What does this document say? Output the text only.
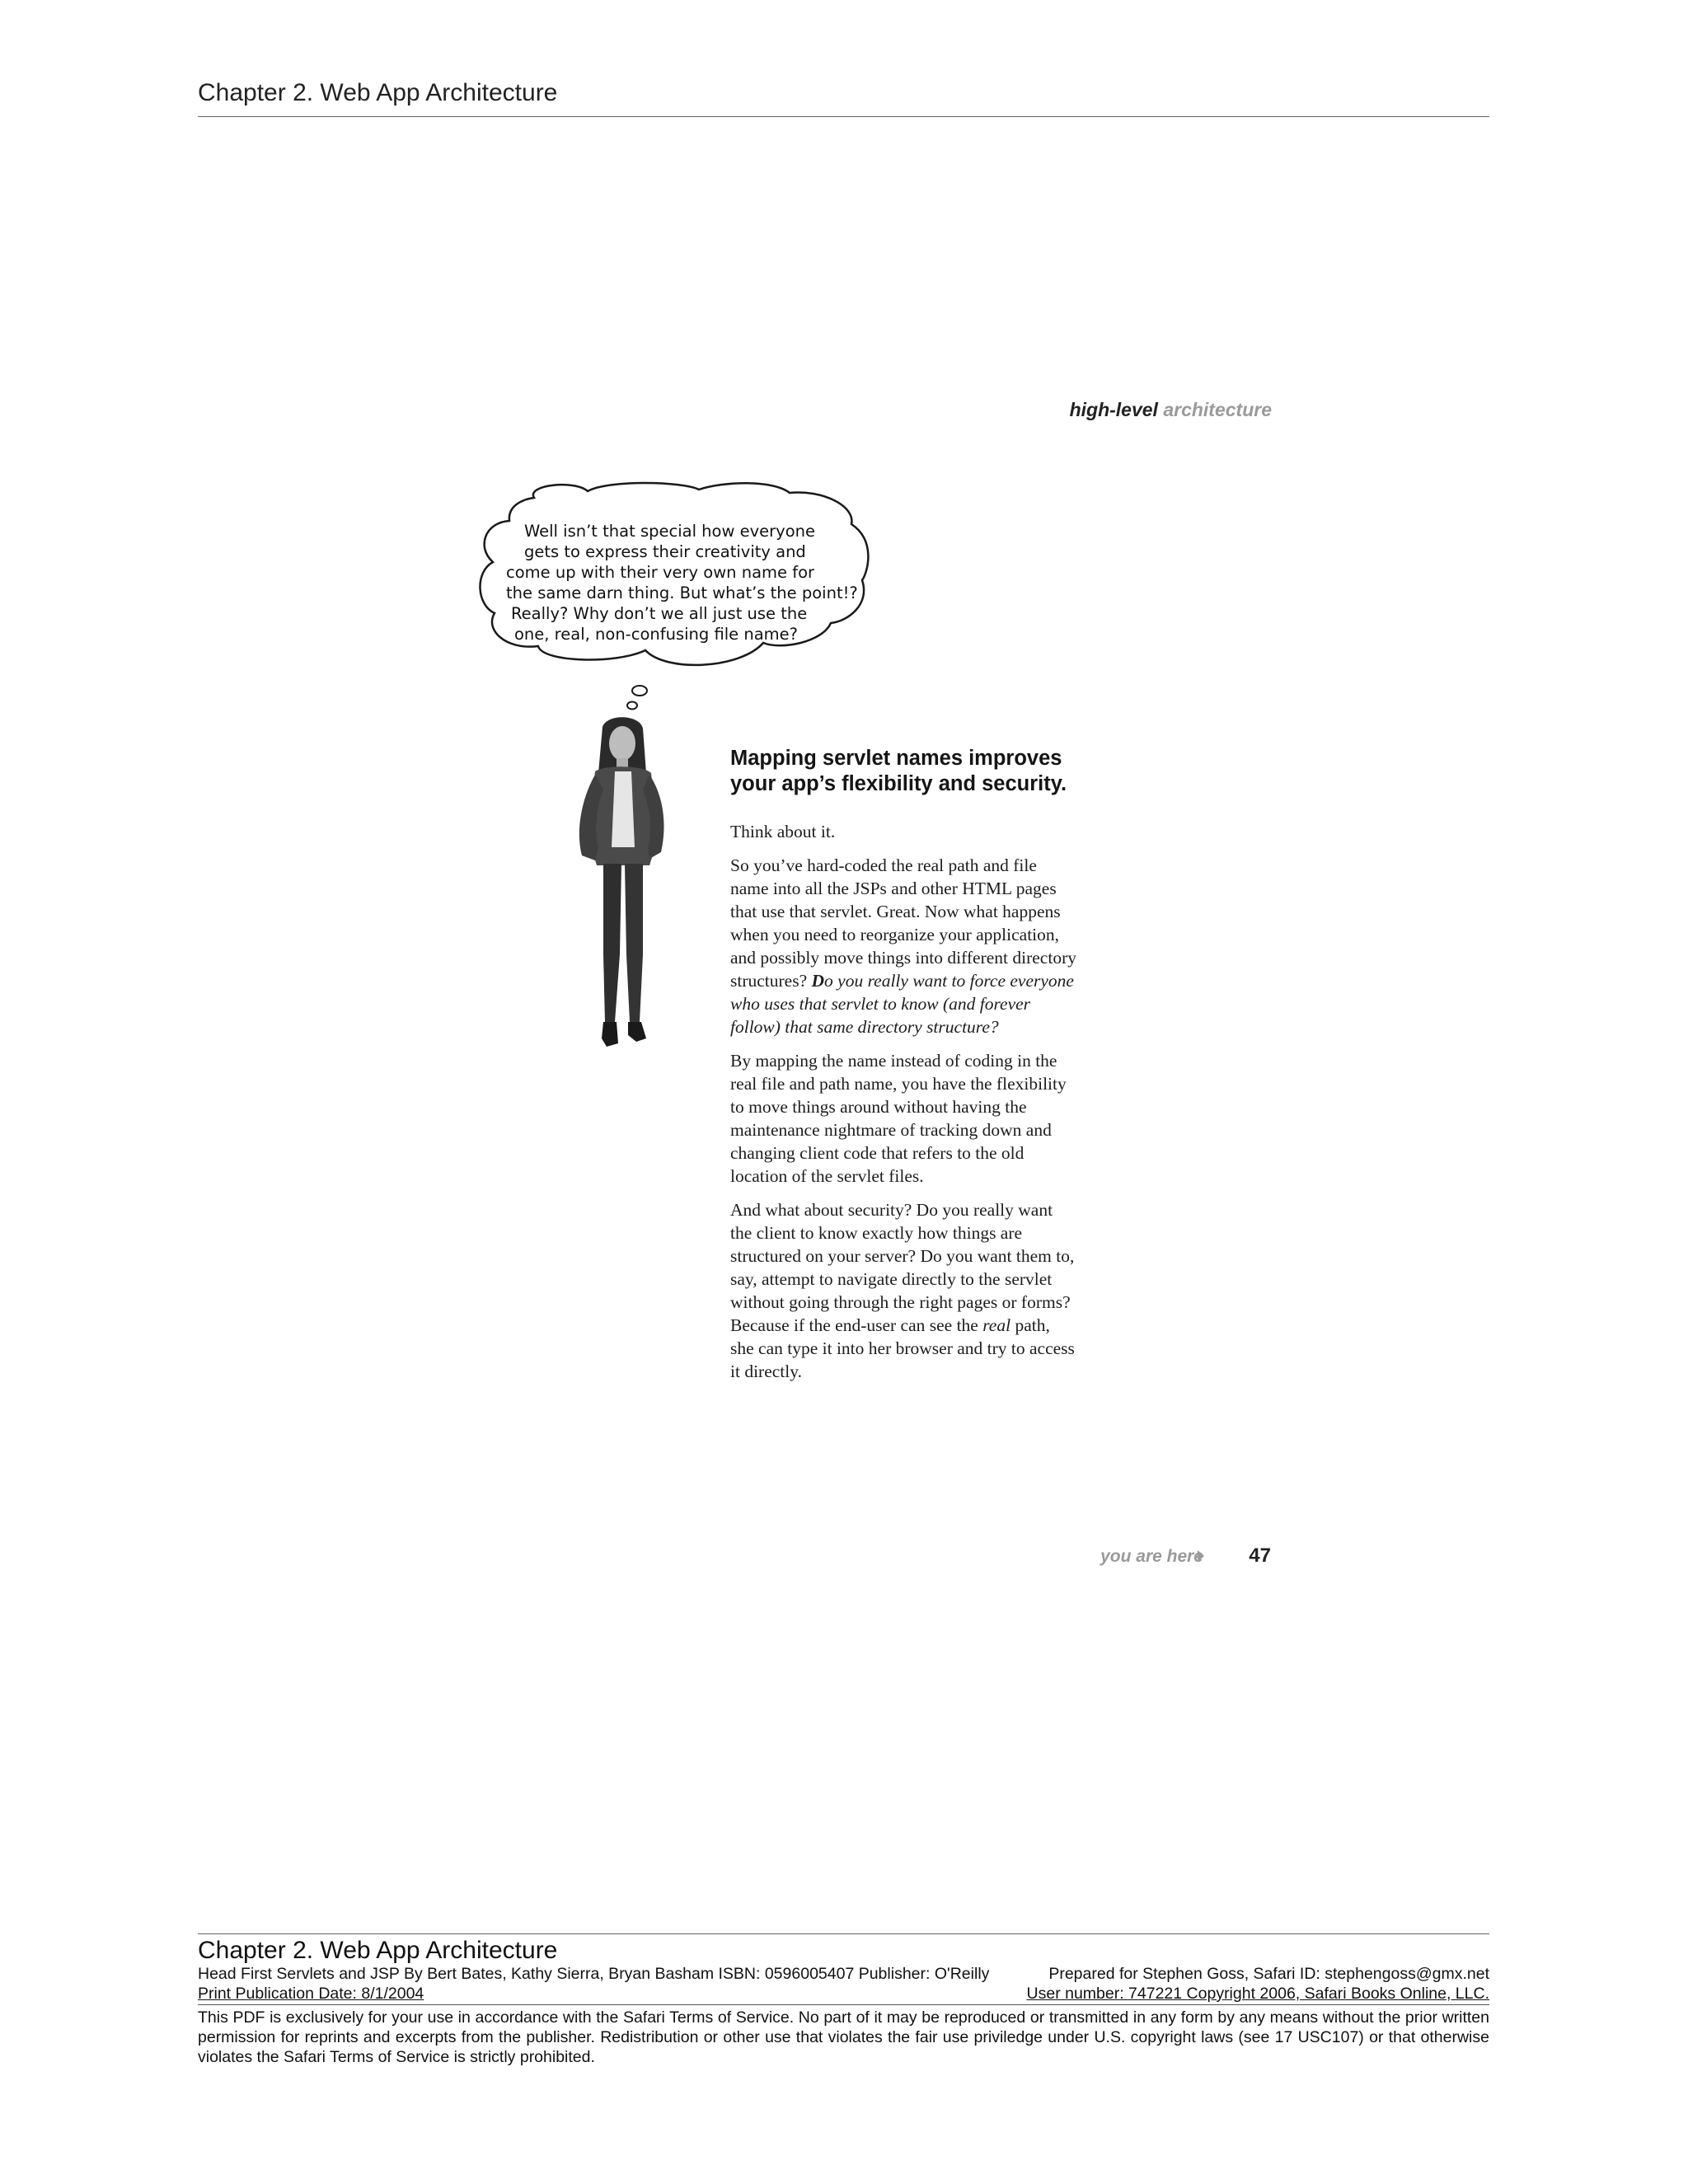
Chapter 2. Web App Architecture
high-level architecture
Well isn’t that special how everyone
gets to express their creativity and
come up with their very own name for
the same darn thing. But what’s the point!?
Really? Why don’t we all just use the
one, real, non-confusing file name?
Mapping servlet names improves your app’s flexibility and security.

Think about it.

So you’ve hard-coded the real path and file name into all the JSPs and other HTML pages that use that servlet. Great. Now what happens when you need to reorganize your application, and possibly move things into different directory structures? Do you really want to force everyone who uses that servlet to know (and forever follow) that same directory structure?

By mapping the name instead of coding in the real file and path name, you have the flexibility to move things around without having the maintenance nightmare of tracking down and changing client code that refers to the old location of the servlet files.

And what about security? Do you really want the client to know exactly how things are structured on your server? Do you want them to, say, attempt to navigate directly to the servlet without going through the right pages or forms? Because if the end-user can see the real path, she can type it into her browser and try to access it directly.

you are here	47
Chapter 2. Web App Architecture
Head First Servlets and JSP By Bert Bates, Kathy Sierra, Bryan Basham ISBN: 0596005407 Publisher: O'Reilly	Prepared for Stephen Goss, Safari ID: stephengoss@gmx.net
Print Publication Date: 8/1/2004	User number: 747221 Copyright 2006, Safari Books Online, LLC.
This PDF is exclusively for your use in accordance with the Safari Terms of Service. No part of it may be reproduced or transmitted in any form by any means without the prior written permission for reprints and excerpts from the publisher. Redistribution or other use that violates the fair use priviledge under U.S. copyright laws (see 17 USC107) or that otherwise violates the Safari Terms of Service is strictly prohibited.
